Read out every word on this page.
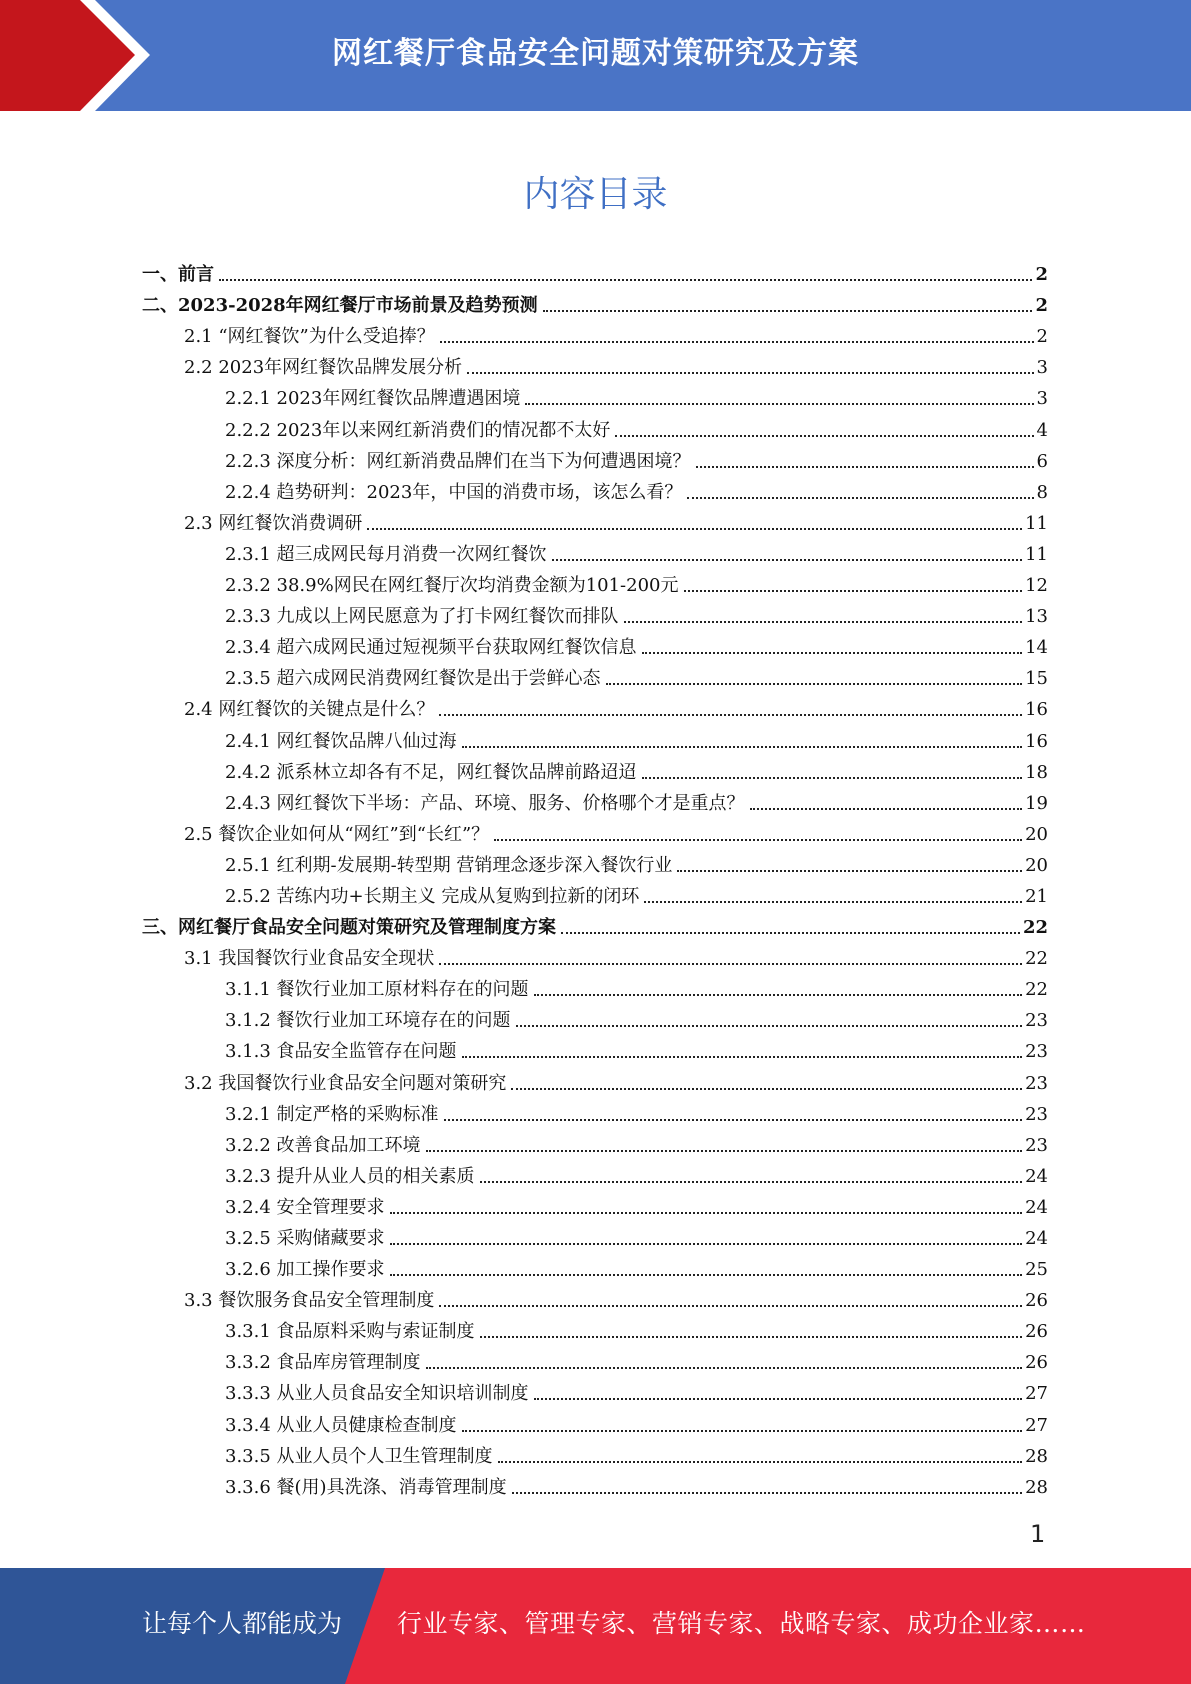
网红餐厅食品安全问题对策研究及方案
内容目录
一、前言	2
二、2023-2028年网红餐厅市场前景及趋势预测	2
2.1 “网红餐饮”为什么受追捧？	2
2.2 2023年网红餐饮品牌发展分析	3
2.2.1 2023年网红餐饮品牌遭遇困境	3
2.2.2 2023年以来网红新消费们的情况都不太好	4
2.2.3 深度分析：网红新消费品牌们在当下为何遭遇困境？	6
2.2.4 趋势研判：2023年，中国的消费市场，该怎么看？	8
2.3 网红餐饮消费调研	11
2.3.1 超三成网民每月消费一次网红餐饮	11
2.3.2 38.9%网民在网红餐厅次均消费金额为101-200元	12
2.3.3 九成以上网民愿意为了打卡网红餐饮而排队	13
2.3.4 超六成网民通过短视频平台获取网红餐饮信息	14
2.3.5 超六成网民消费网红餐饮是出于尝鲜心态	15
2.4 网红餐饮的关键点是什么？	16
2.4.1 网红餐饮品牌八仙过海	16
2.4.2 派系林立却各有不足，网红餐饮品牌前路迢迢	18
2.4.3 网红餐饮下半场：产品、环境、服务、价格哪个才是重点？	19
2.5 餐饮企业如何从“网红”到“长红”？	20
2.5.1 红利期-发展期-转型期 营销理念逐步深入餐饮行业	20
2.5.2 苦练内功+长期主义 完成从复购到拉新的闭环	21
三、网红餐厅食品安全问题对策研究及管理制度方案	22
3.1 我国餐饮行业食品安全现状	22
3.1.1 餐饮行业加工原材料存在的问题	22
3.1.2 餐饮行业加工环境存在的问题	23
3.1.3 食品安全监管存在问题	23
3.2 我国餐饮行业食品安全问题对策研究	23
3.2.1 制定严格的采购标准	23
3.2.2 改善食品加工环境	23
3.2.3 提升从业人员的相关素质	24
3.2.4 安全管理要求	24
3.2.5 采购储藏要求	24
3.2.6 加工操作要求	25
3.3 餐饮服务食品安全管理制度	26
3.3.1 食品原料采购与索证制度	26
3.3.2 食品库房管理制度	26
3.3.3 从业人员食品安全知识培训制度	27
3.3.4 从业人员健康检查制度	27
3.3.5 从业人员个人卫生管理制度	28
3.3.6 餐(用)具洗涤、消毒管理制度	28
1
让每个人都能成为 行业专家、管理专家、营销专家、战略专家、成功企业家……
